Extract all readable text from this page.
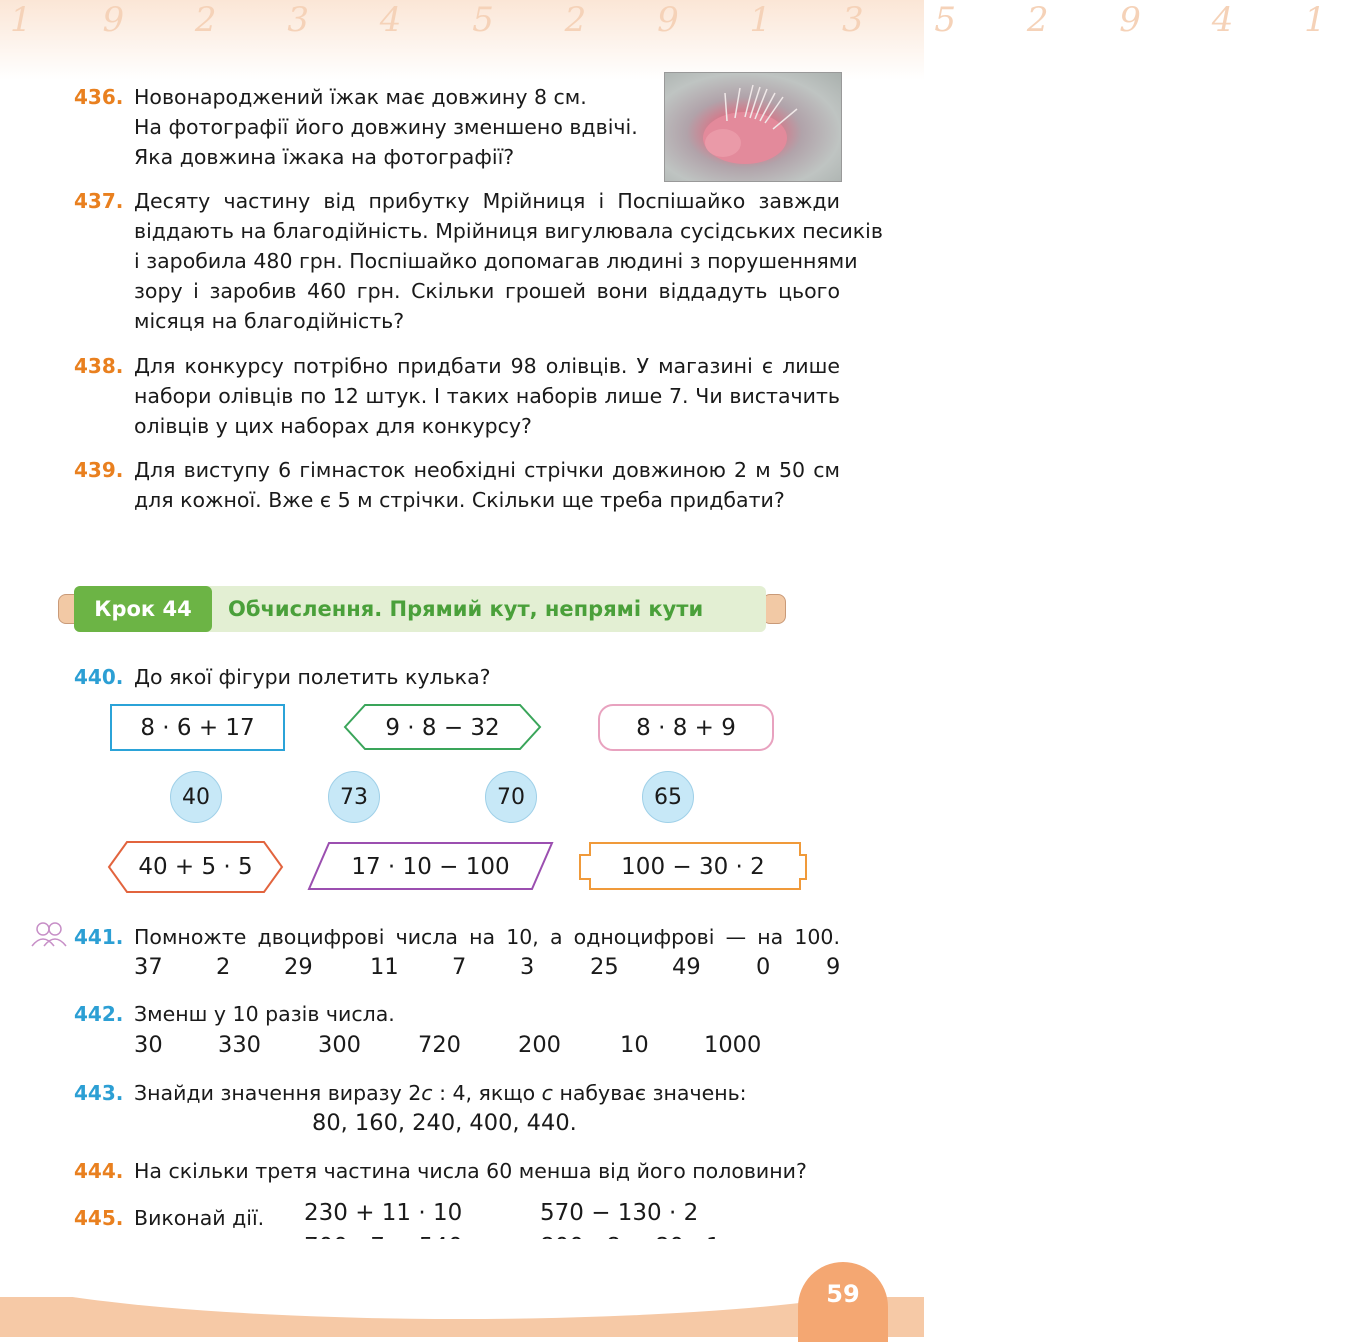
1 9 2 3 4 5 2 9 1 3 5 2 9 4 1
436. Новонароджений їжак має довжину 8 см.
На фотографії його довжину зменшено вдвічі.
Яка довжина їжака на фотографії?
437. Десяту частину від прибутку Мрійниця і Поспішайко завжди
віддають на благодійність. Мрійниця вигулювала сусідських песиків
і заробила 480 грн. Поспішайко допомагав людині з порушеннями
зору і заробив 460 грн. Скільки грошей вони віддадуть цього
місяця на благодійність?
438. Для конкурсу потрібно придбати 98 олівців. У магазині є лише
набори олівців по 12 штук. І таких наборів лише 7. Чи вистачить
олівців у цих наборах для конкурсу?
439. Для виступу 6 гімнасток необхідні стрічки довжиною 2 м 50 см
для кожної. Вже є 5 м стрічки. Скільки ще треба придбати?
Крок 44	Обчислення. Прямий кут, непрямі кути
440. До якої фігури полетить кулька?
8 · 6 + 17	9 · 8 − 32	8 · 8 + 9
40	73	70	65
40 + 5 · 5	17 · 10 − 100	100 − 30 · 2
441. Помножте двоцифрові числа на 10, а одноцифрові — на 100.
37 2 29	11 7 3 25 49 0 9
442. Зменш у 10 разів числа.
30 330	300	720	200	10 1000
443. Знайди значення виразу 2c : 4, якщо c набуває значень:
80, 160, 240, 400, 440.
444. На скільки третя частина числа 60 менша від його половини?
445. Виконай дії.	230 + 11 · 10	570 − 130 · 2
59
